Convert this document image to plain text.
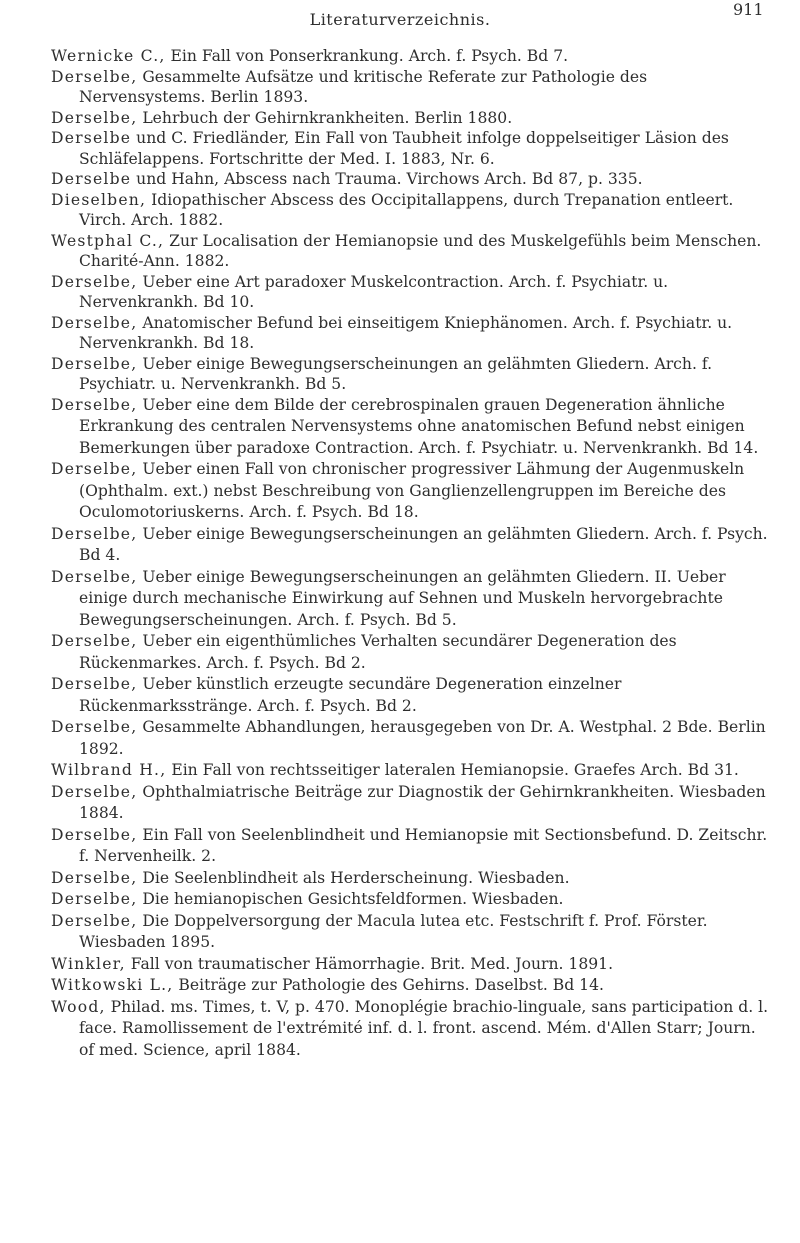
Literaturverzeichnis.
911

Wernicke C., Ein Fall von Ponserkrankung. Arch. f. Psych. Bd 7.

Derselbe, Gesammelte Aufsätze und kritische Referate zur Pathologie des Nervensystems. Berlin 1893.

Derselbe, Lehrbuch der Gehirnkrankheiten. Berlin 1880.

Derselbe und C. Friedländer, Ein Fall von Taubheit infolge doppelseitiger Läsion des Schläfelappens. Fortschritte der Med. I. 1883, Nr. 6.

Derselbe und Hahn, Abscess nach Trauma. Virchows Arch. Bd 87, p. 335.

Dieselben, Idiopathischer Abscess des Occipitallappens, durch Trepanation entleert. Virch. Arch. 1882.

Westphal C., Zur Localisation der Hemianopsie und des Muskelgefühls beim Menschen. Charité-Ann. 1882.

Derselbe, Ueber eine Art paradoxer Muskelcontraction. Arch. f. Psychiatr. u. Nervenkrankh. Bd 10.

Derselbe, Anatomischer Befund bei einseitigem Kniephänomen. Arch. f. Psychiatr. u. Nervenkrankh. Bd 18.

Derselbe, Ueber einige Bewegungserscheinungen an gelähmten Gliedern. Arch. f. Psychiatr. u. Nervenkrankh. Bd 5.

Derselbe, Ueber eine dem Bilde der cerebrospinalen grauen Degeneration ähnliche Erkrankung des centralen Nervensystems ohne anatomischen Befund nebst einigen Bemerkungen über paradoxe Contraction. Arch. f. Psychiatr. u. Nervenkrankh. Bd 14.

Derselbe, Ueber einen Fall von chronischer progressiver Lähmung der Augenmuskeln (Ophthalm. ext.) nebst Beschreibung von Ganglienzellengruppen im Bereiche des Oculomotoriuskerns. Arch. f. Psych. Bd 18.

Derselbe, Ueber einige Bewegungserscheinungen an gelähmten Gliedern. Arch. f. Psych. Bd 4.

Derselbe, Ueber einige Bewegungserscheinungen an gelähmten Gliedern. II. Ueber einige durch mechanische Einwirkung auf Sehnen und Muskeln hervorgebrachte Bewegungserscheinungen. Arch. f. Psych. Bd 5.

Derselbe, Ueber ein eigenthümliches Verhalten secundärer Degeneration des Rückenmarkes. Arch. f. Psych. Bd 2.

Derselbe, Ueber künstlich erzeugte secundäre Degeneration einzelner Rückenmarksstränge. Arch. f. Psych. Bd 2.

Derselbe, Gesammelte Abhandlungen, herausgegeben von Dr. A. Westphal. 2 Bde. Berlin 1892.

Wilbrand H., Ein Fall von rechtsseitiger lateralen Hemianopsie. Graefes Arch. Bd 31.

Derselbe, Ophthalmiatrische Beiträge zur Diagnostik der Gehirnkrankheiten. Wiesbaden 1884.

Derselbe, Ein Fall von Seelenblindheit und Hemianopsie mit Sectionsbefund. D. Zeitschr. f. Nervenheilk. 2.

Derselbe, Die Seelenblindheit als Herderscheinung. Wiesbaden.

Derselbe, Die hemianopischen Gesichtsfeldformen. Wiesbaden.

Derselbe, Die Doppelversorgung der Macula lutea etc. Festschrift f. Prof. Förster. Wiesbaden 1895.

Winkler, Fall von traumatischer Hämorrhagie. Brit. Med. Journ. 1891.

Witkowski L., Beiträge zur Pathologie des Gehirns. Daselbst. Bd 14.

Wood, Philad. ms. Times, t. V, p. 470. Monoplégie brachio-linguale, sans participation d. l. face. Ramollissement de l'extrémité inf. d. l. front. ascend. Mém. d'Allen Starr; Journ. of med. Science, april 1884.
